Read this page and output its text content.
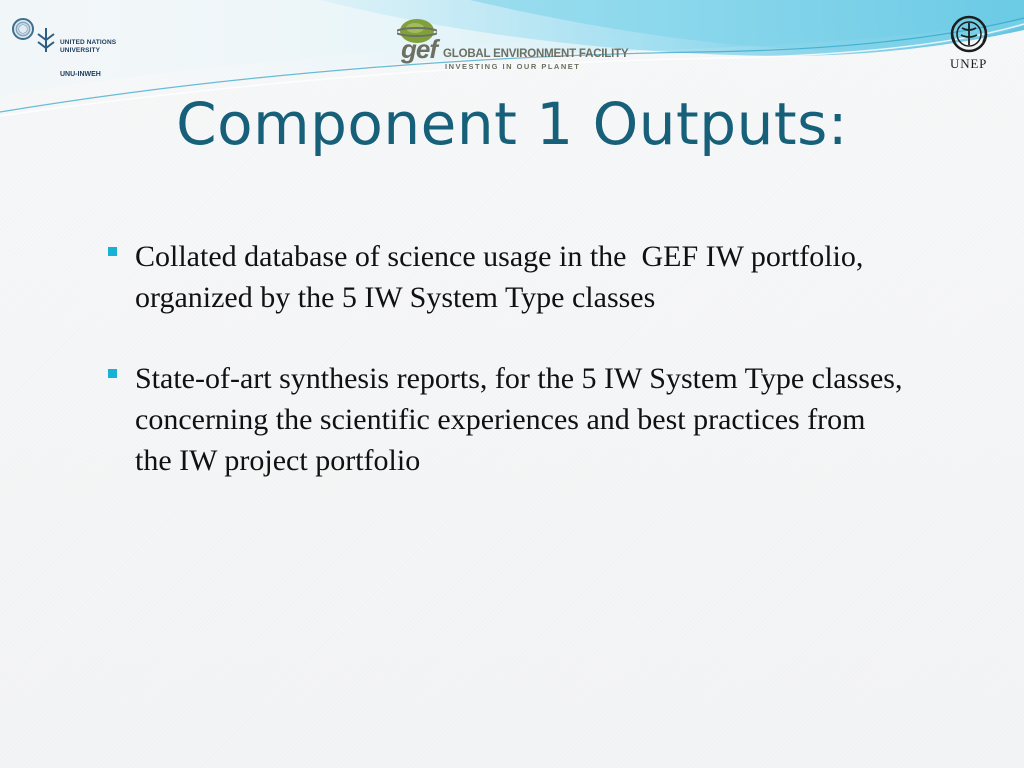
UNITED NATIONS
UNIVERSITY
UNU-INWEH
gef GLOBAL ENVIRONMENT FACILITY
INVESTING IN OUR PLANET	UNEP
Component 1 Outputs:
Collated database of science usage in the  GEF IW portfolio, organized by the 5 IW System Type classes
State-of-art synthesis reports, for the 5 IW System Type classes, concerning the scientific experiences and best practices from the IW project portfolio
